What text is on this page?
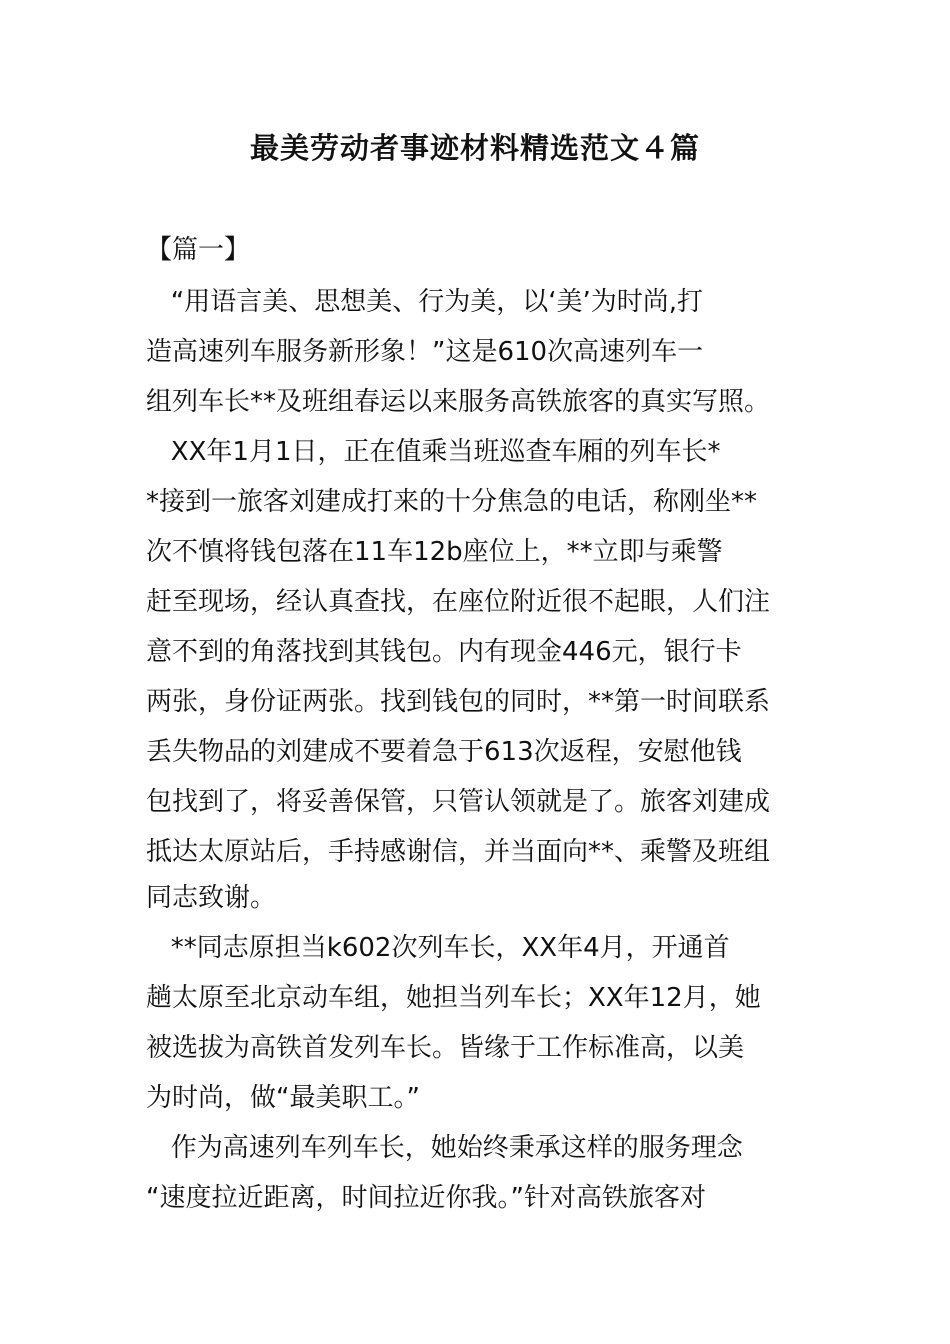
最美劳动者事迹材料精选范文４篇

【篇一】

“用语言美、思想美、行为美，以‘美’为时尚,打

造高速列车服务新形象！”这是610次高速列车一

组列车长**及班组春运以来服务高铁旅客的真实写照。

XX年1月1日，正在值乘当班巡查车厢的列车长*

*接到一旅客刘建成打来的十分焦急的电话，称刚坐**

次不慎将钱包落在11车12b座位上，**立即与乘警

赶至现场，经认真查找，在座位附近很不起眼，人们注

意不到的角落找到其钱包。内有现金446元，银行卡

两张，身份证两张。找到钱包的同时，**第一时间联系

丢失物品的刘建成不要着急于613次返程，安慰他钱

包找到了，将妥善保管，只管认领就是了。旅客刘建成

抵达太原站后，手持感谢信，并当面向**、乘警及班组

同志致谢。

**同志原担当k602次列车长，XX年4月，开通首

趟太原至北京动车组，她担当列车长；XX年12月，她

被选拔为高铁首发列车长。皆缘于工作标准高，以美

为时尚，做“最美职工。”

作为高速列车列车长，她始终秉承这样的服务理念

“速度拉近距离，时间拉近你我。”针对高铁旅客对
